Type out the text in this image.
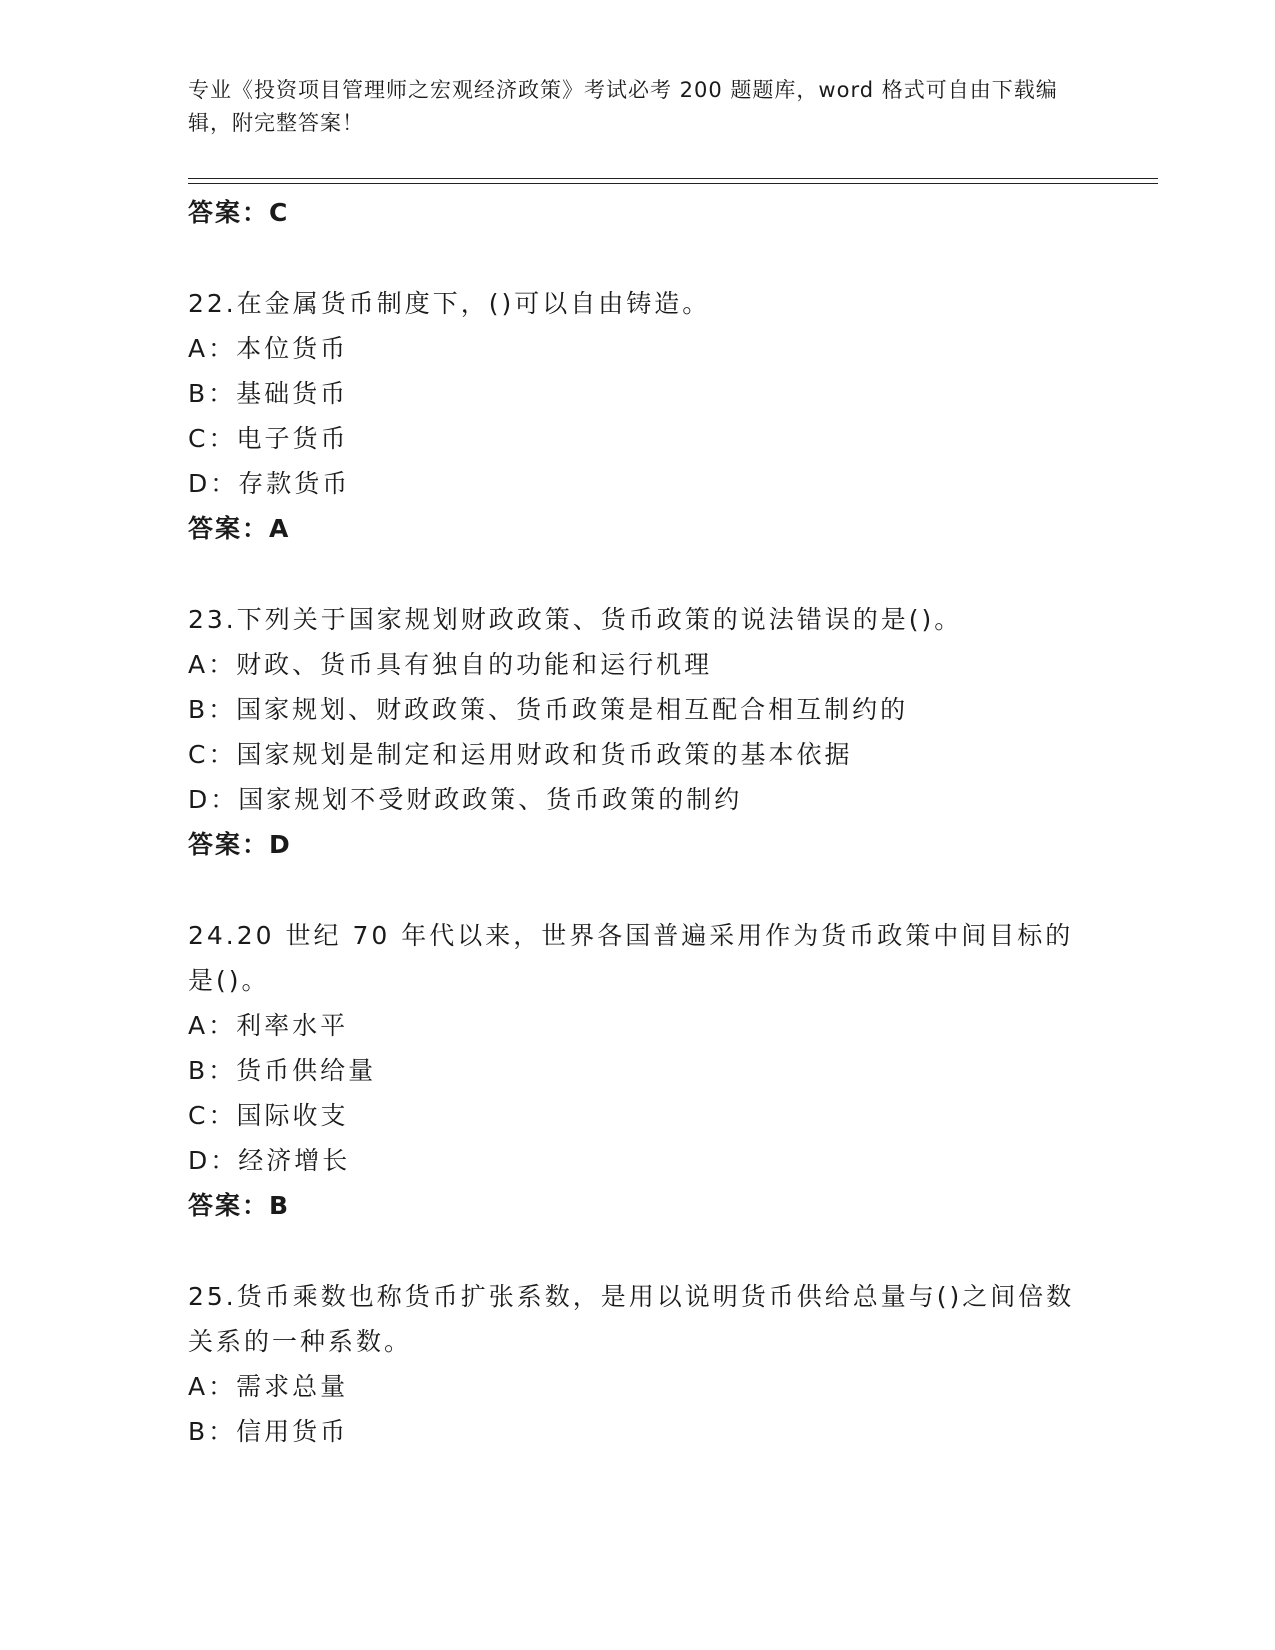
专业《投资项目管理师之宏观经济政策》考试必考 200 题题库，word 格式可自由下载编辑，附完整答案！
答案：C
22.在金属货币制度下，()可以自由铸造。
A：本位货币
B：基础货币
C：电子货币
D：存款货币
答案：A
23.下列关于国家规划财政政策、货币政策的说法错误的是()。
A：财政、货币具有独自的功能和运行机理
B：国家规划、财政政策、货币政策是相互配合相互制约的
C：国家规划是制定和运用财政和货币政策的基本依据
D：国家规划不受财政政策、货币政策的制约
答案：D
24.20 世纪 70 年代以来，世界各国普遍采用作为货币政策中间目标的是()。
A：利率水平
B：货币供给量
C：国际收支
D：经济增长
答案：B
25.货币乘数也称货币扩张系数，是用以说明货币供给总量与()之间倍数关系的一种系数。
A：需求总量
B：信用货币
